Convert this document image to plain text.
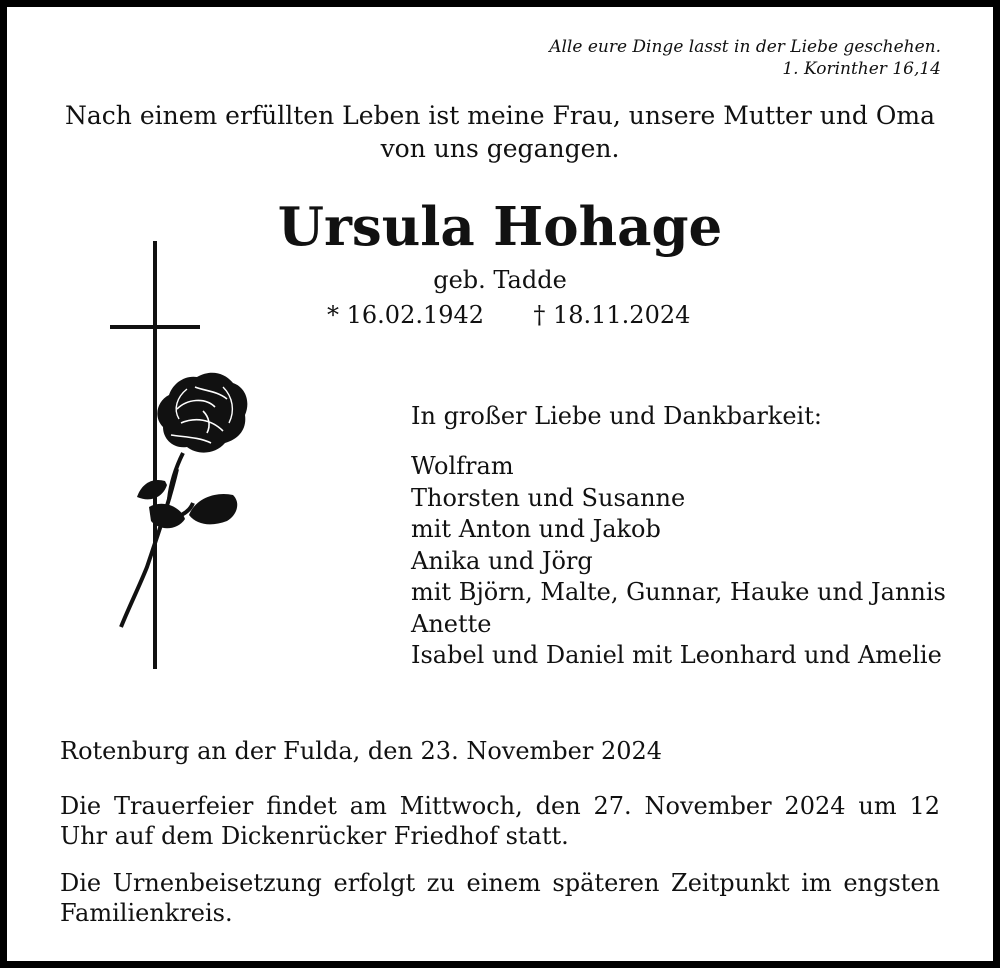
Alle eure Dinge lasst in der Liebe geschehen.
1. Korinther 16,14
Nach einem erfüllten Leben ist meine Frau, unsere Mutter und Oma
von uns gegangen.
Ursula Hohage
geb. Tadde
* 16.02.1942 † 18.11.2024
In großer Liebe und Dankbarkeit:
Wolfram
Thorsten und Susanne
mit Anton und Jakob
Anika und Jörg
mit Björn, Malte, Gunnar, Hauke und Jannis
Anette
Isabel und Daniel mit Leonhard und Amelie
Rotenburg an der Fulda, den 23. November 2024
Die Trauerfeier findet am Mittwoch, den 27. November 2024 um 12 Uhr auf dem Dickenrücker Friedhof statt.
Die Urnenbeisetzung erfolgt zu einem späteren Zeitpunkt im engsten Familienkreis.
